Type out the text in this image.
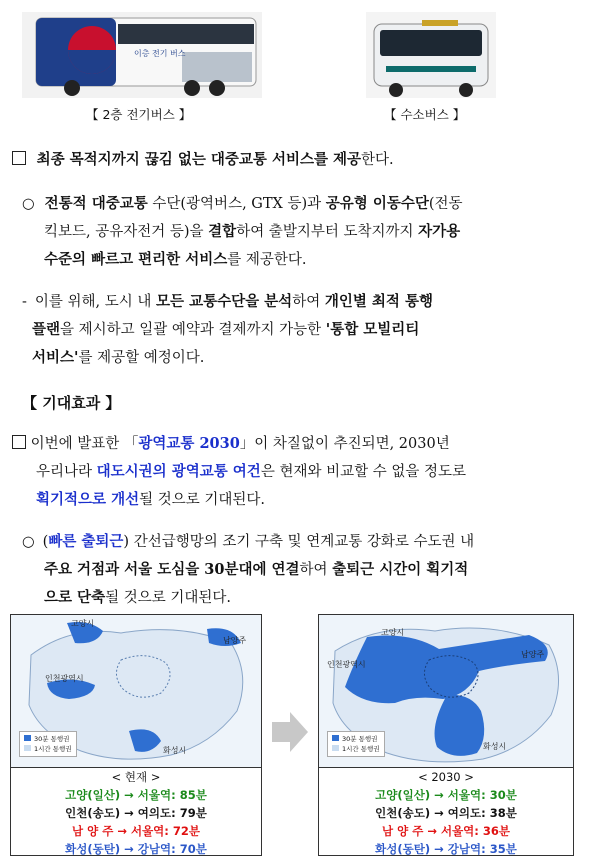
이층 전기 버스
【 2층 전기버스 】	【 수소버스 】
최종 목적지까지 끊김 없는 대중교통 서비스를 제공한다.
○ 전통적 대중교통 수단(광역버스, GTX 등)과 공유형 이동수단(전동
킥보드, 공유자전거 등)을 결합하여 출발지부터 도착지까지 자가용
수준의 빠르고 편리한 서비스를 제공한다.
- 이를 위해, 도시 내 모든 교통수단을 분석하여 개인별 최적 통행
플랜을 제시하고 일괄 예약과 결제까지 가능한 '통합 모빌리티
서비스'를 제공할 예정이다.
【 기대효과 】
이번에 발표한 「광역교통 2030」이 차질없이 추진되면, 2030년
우리나라 대도시권의 광역교통 여건은 현재와 비교할 수 없을 정도로
획기적으로 개선될 것으로 기대된다.
○ (빠른 출퇴근) 간선급행망의 조기 구축 및 연계교통 강화로 수도권 내
주요 거점과 서울 도심을 30분대에 연결하여 출퇴근 시간이 획기적
으로 단축될 것으로 기대된다.
고양시
남양주
인천광역시
화성시
30분 통행권
1시간 통행권
< 현재 >
고양(일산) → 서울역: 85분
인천(송도) → 여의도: 79분
남 양 주 → 서울역: 72분
화성(동탄) → 강남역: 70분
고양시
남양주
인천광역시
화성시
30분 통행권
1시간 통행권
< 2030 >
고양(일산) → 서울역: 30분
인천(송도) → 여의도: 38분
남 양 주 → 서울역: 36분
화성(동탄) → 강남역: 35분
